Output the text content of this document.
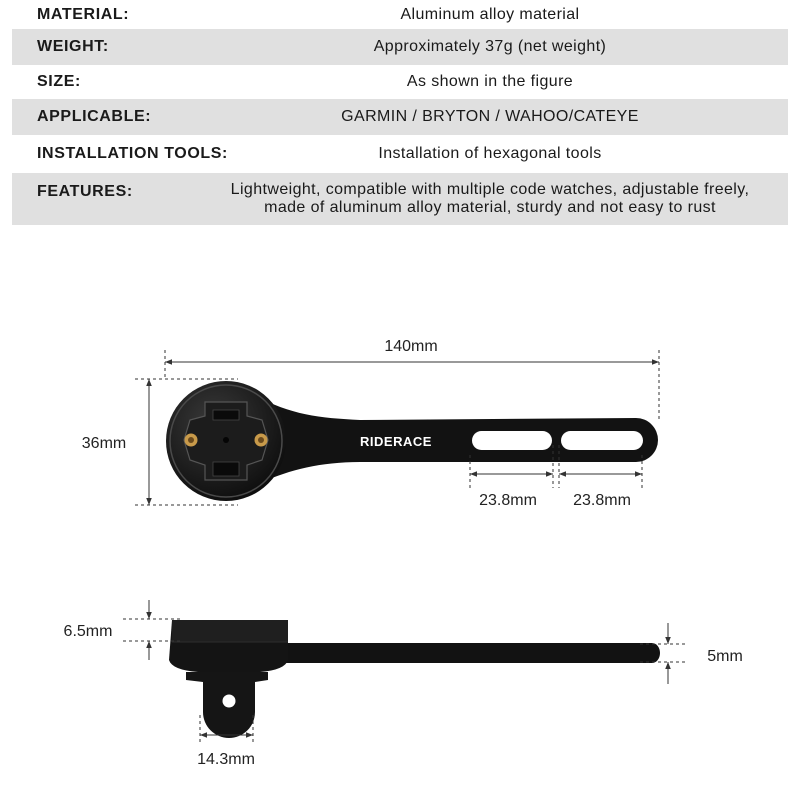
MATERIAL:	Aluminum alloy material
WEIGHT:	Approximately 37g (net weight)
SIZE:	As shown in the figure
APPLICABLE:	GARMIN / BRYTON / WAHOO/CATEYE
INSTALLATION TOOLS:	Installation of hexagonal tools
FEATURES:	Lightweight, compatible with multiple code watches, adjustable freely,
made of aluminum alloy material, sturdy and not easy to rust
RIDERACE
140mm
36mm
23.8mm 23.8mm
6.5mm
5mm
14.3mm
